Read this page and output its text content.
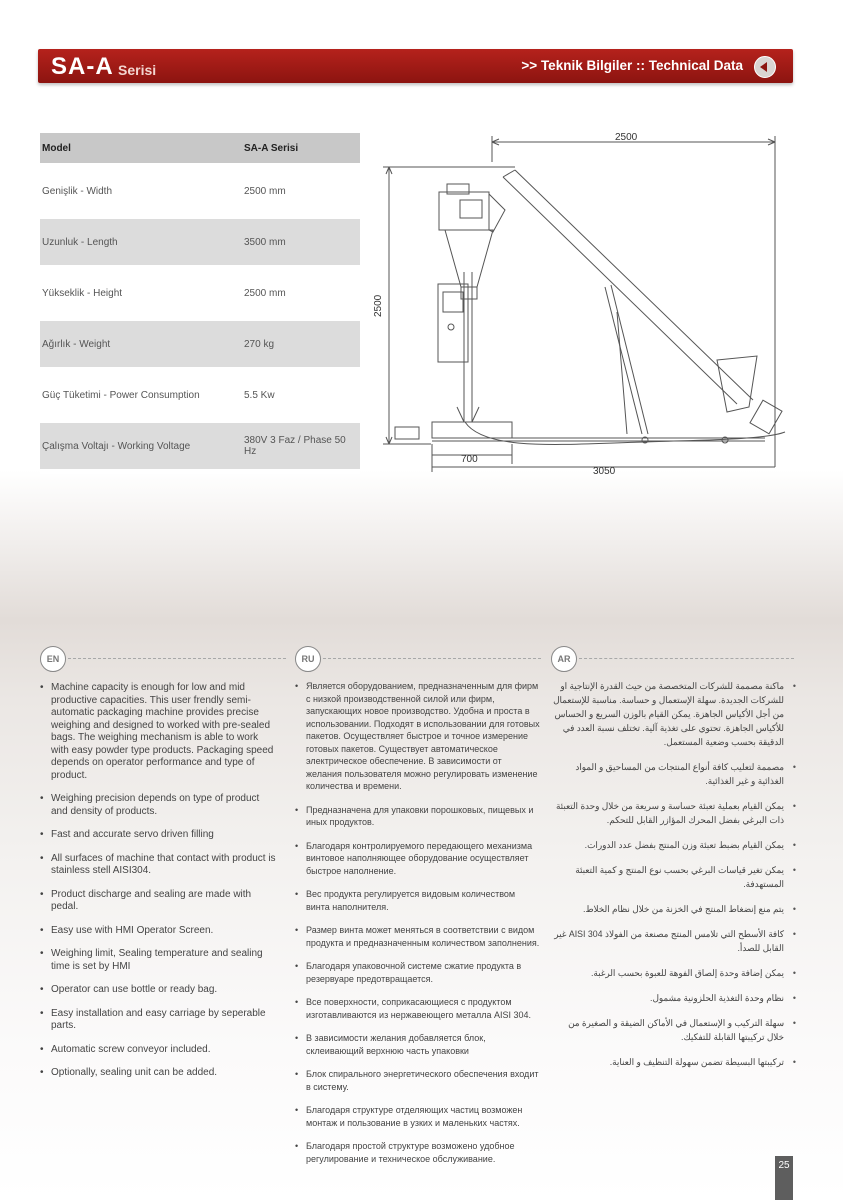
SA-A Serisi	>> Teknik Bilgiler :: Technical Data
Model	SA-A Serisi
Genişlik - Width	2500 mm
Uzunluk - Length	3500 mm
Yükseklik - Height	2500 mm
Ağırlık - Weight	270 kg
Güç Tüketimi - Power Consumption	5.5 Kw
Çalışma Voltajı - Working Voltage	380V 3 Faz / Phase 50 Hz
2500
2500
700
3050
EN	RU	AR
• Machine capacity is enough for low and mid productive capacities. This user frendly semi-automatic packaging machine provides precise weighing and designed to worked with pre-sealed bags. The weighing mechanism is able to work with easy powder type products. Packaging speed depends on operator performance and type of product.
• Weighing precision depends on type of product and density of products.
• Fast and accurate servo driven filling
• All surfaces of machine that contact with product is stainless stell AISI304.
• Product discharge and sealing are made with pedal.
• Easy use with HMI Operator Screen.
• Weighing limit, Sealing temperature and sealing time is set by HMI
• Operator can use bottle or ready bag.
• Easy installation and easy carriage by seperable parts.
• Automatic screw conveyor included.
• Optionally, sealing unit can be added.
• Является оборудованием, предназначенным для фирм с низкой производственной силой или фирм, запускающих новое производство. Удобна и проста в использовании. Подходят в использовании для готовых пакетов. Осуществляет быстрое и точное измерение готовых пакетов. Существует автоматическое электрическое обеспечение. В зависимости от желания пользователя можно регулировать изменение количества и времени.
• Предназначена для упаковки порошковых, пищевых и иных продуктов.
• Благодаря контролируемого передающего механизма винтовое наполняющее оборудование осуществляет быстрое наполнение.
• Вес продукта регулируется видовым количеством винта наполнителя.
• Размер винта может меняться в соответствии с видом продукта и предназначенным количеством заполнения.
• Благодаря упаковочной системе сжатие продукта в резервуаре предотвращается.
• Все поверхности, соприкасающиеся с продуктом изготавливаются из нержавеющего металла AISI 304.
• В зависимости желания добавляется блок, склеивающий верхнюю часть упаковки
• Блок спирального энергетического обеспечения входит в систему.
• Благодаря структуре отделяющих частиц возможен монтаж и пользование в узких и маленьких частях.
• Благодаря простой структуре возможено удобное регулирование и техническое обслуживание.
• ماكنة مصممة للشركات المتخصصة من حيث القدرة الإنتاجية او للشركات الجديدة. سهلة الإستعمال و حساسة. مناسبة للإستعمال من أجل الأكياس الجاهزة. يمكن القيام بالوزن السريع و الحساس للأكياس الجاهزة. تحتوي على تغذية آلية. تختلف نسبة العدد في الدقيقة بحسب وضعية المستعمل.
• مصممة لتعليب كافة أنواع المنتجات من المساحيق و المواد الغذائية و غير الغذائية.
• يمكن القيام بعملية تعبئة حساسة و سريعة من خلال وحدة التعبئة ذات البرغي بفضل المحرك المؤازر القابل للتحكم.
• يمكن القيام بضبط تعبئة وزن المنتج بفضل عدد الدورات.
• يمكن تغير قياسات البرغي بحسب نوع المنتج و كمية التعبئة المستهدفة.
• يتم منع إنضغاط المنتج في الخزنة من خلال نظام الخلاط.
• كافة الأسطح التي تلامس المنتج مصنعة من الفولاذ AISI 304 غير القابل للصدأ.
• يمكن إضافة وحدة إلصاق الفوهة للعبوة بحسب الرغبة.
• نظام وحدة التغذية الحلزونية مشمول.
• سهلة التركيب و الإستعمال في الأماكن الضيقة و الصغيرة من خلال تركيبتها القابلة للتفكيك.
• تركيبتها البسيطة تضمن سهولة التنظيف و العناية.
25
